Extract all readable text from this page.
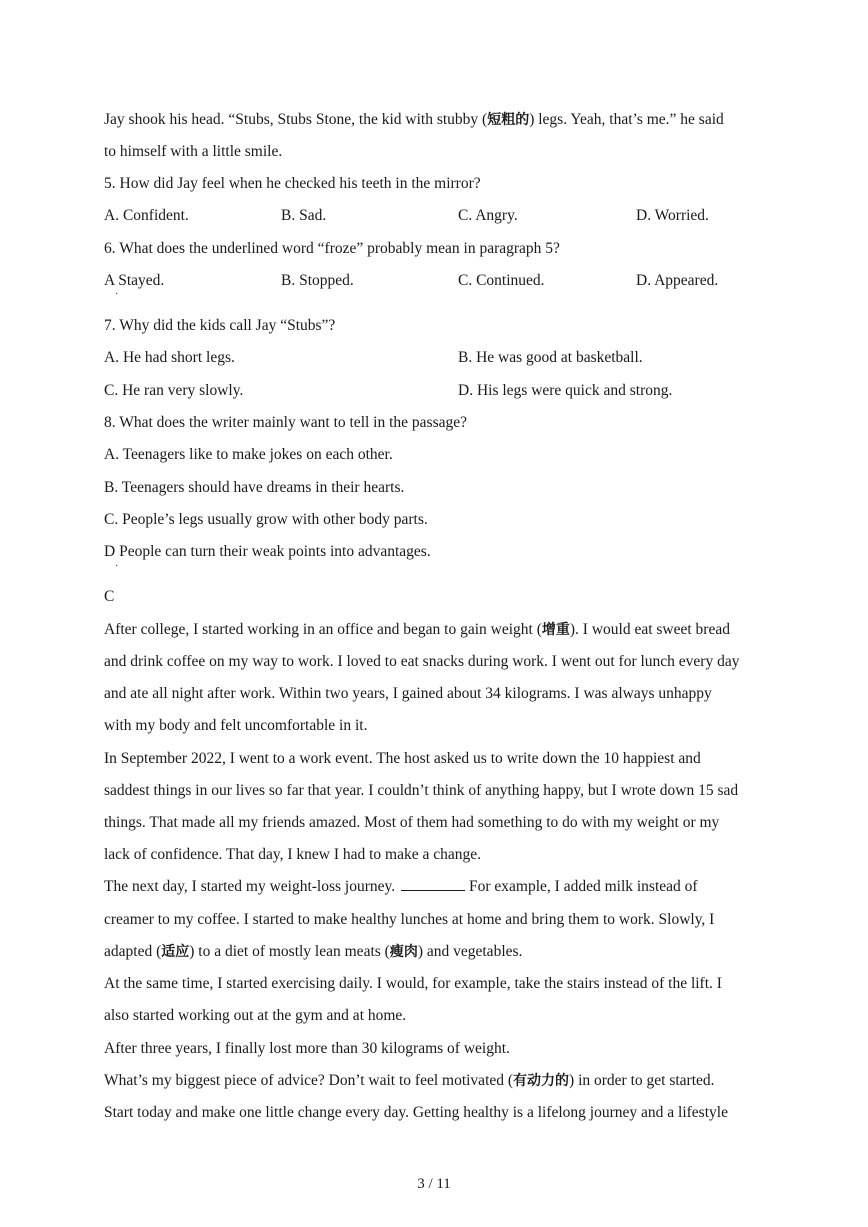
Jay shook his head. “Stubs, Stubs Stone, the kid with stubby (短粗的) legs. Yeah, that’s me.” he said
to himself with a little smile.
5. How did Jay feel when he checked his teeth in the mirror?
A. Confident.	B. Sad.	C. Angry.	D. Worried.
6. What does the underlined word “froze” probably mean in paragraph 5?
A Stayed.
·
B. Stopped.	C. Continued.	D. Appeared.
7. Why did the kids call Jay “Stubs”?
A. He had short legs.	B. He was good at basketball.
C. He ran very slowly.	D. His legs were quick and strong.
8. What does the writer mainly want to tell in the passage?
A. Teenagers like to make jokes on each other.
B. Teenagers should have dreams in their hearts.
C. People’s legs usually grow with other body parts.
D People can turn their weak points into advantages.
·
C
After college, I started working in an office and began to gain weight (增重). I would eat sweet bread
and drink coffee on my way to work. I loved to eat snacks during work. I went out for lunch every day
and ate all night after work. Within two years, I gained about 34 kilograms. I was always unhappy
with my body and felt uncomfortable in it.
In September 2022, I went to a work event. The host asked us to write down the 10 happiest and
saddest things in our lives so far that year. I couldn’t think of anything happy, but I wrote down 15 sad
things. That made all my friends amazed. Most of them had something to do with my weight or my
lack of confidence. That day, I knew I had to make a change.
The next day, I started my weight-loss journey.	For example, I added milk instead of
creamer to my coffee. I started to make healthy lunches at home and bring them to work. Slowly, I
adapted (适应) to a diet of mostly lean meats (瘦肉) and vegetables.
At the same time, I started exercising daily. I would, for example, take the stairs instead of the lift. I
also started working out at the gym and at home.
After three years, I finally lost more than 30 kilograms of weight.
What’s my biggest piece of advice? Don’t wait to feel motivated (有动力的) in order to get started.
Start today and make one little change every day. Getting healthy is a lifelong journey and a lifestyle
3 / 11
